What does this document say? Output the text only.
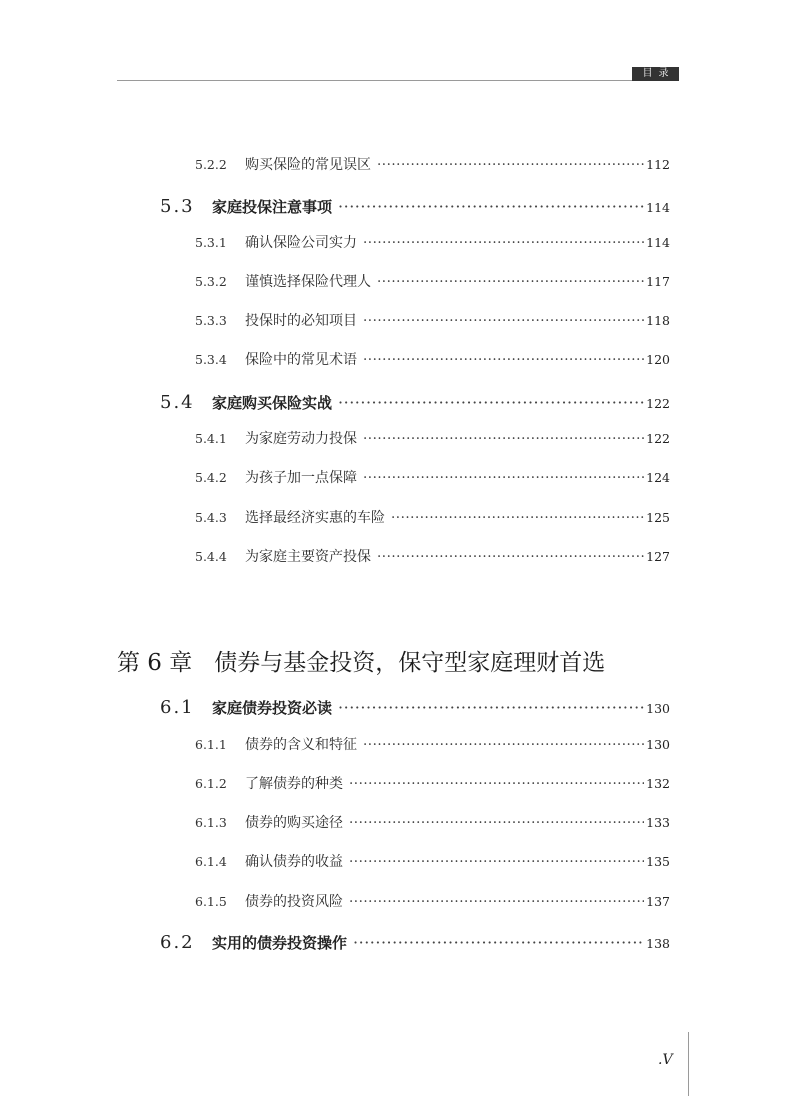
目录
5.2.2	购买保险的常见误区 ·····	112
5.3	家庭投保注意事项 ·····	114
5.3.1	确认保险公司实力 ·····	114
5.3.2	谨慎选择保险代理人 ·····	117
5.3.3	投保时的必知项目 ·····	118
5.3.4	保险中的常见术语 ·····	120
5.4	家庭购买保险实战 ·····	122
5.4.1	为家庭劳动力投保 ·····	122
5.4.2	为孩子加一点保障 ·····	124
5.4.3	选择最经济实惠的车险 ·····	125
5.4.4	为家庭主要资产投保 ·····	127
第 6 章 债券与基金投资，保守型家庭理财首选
6.1	家庭债券投资必读 ·····	130
6.1.1	债券的含义和特征 ·····	130
6.1.2	了解债券的种类 ·····	132
6.1.3	债券的购买途径 ·····	133
6.1.4	确认债券的收益 ·····	135
6.1.5	债券的投资风险 ·····	137
6.2	实用的债券投资操作 ·····	138
.V
